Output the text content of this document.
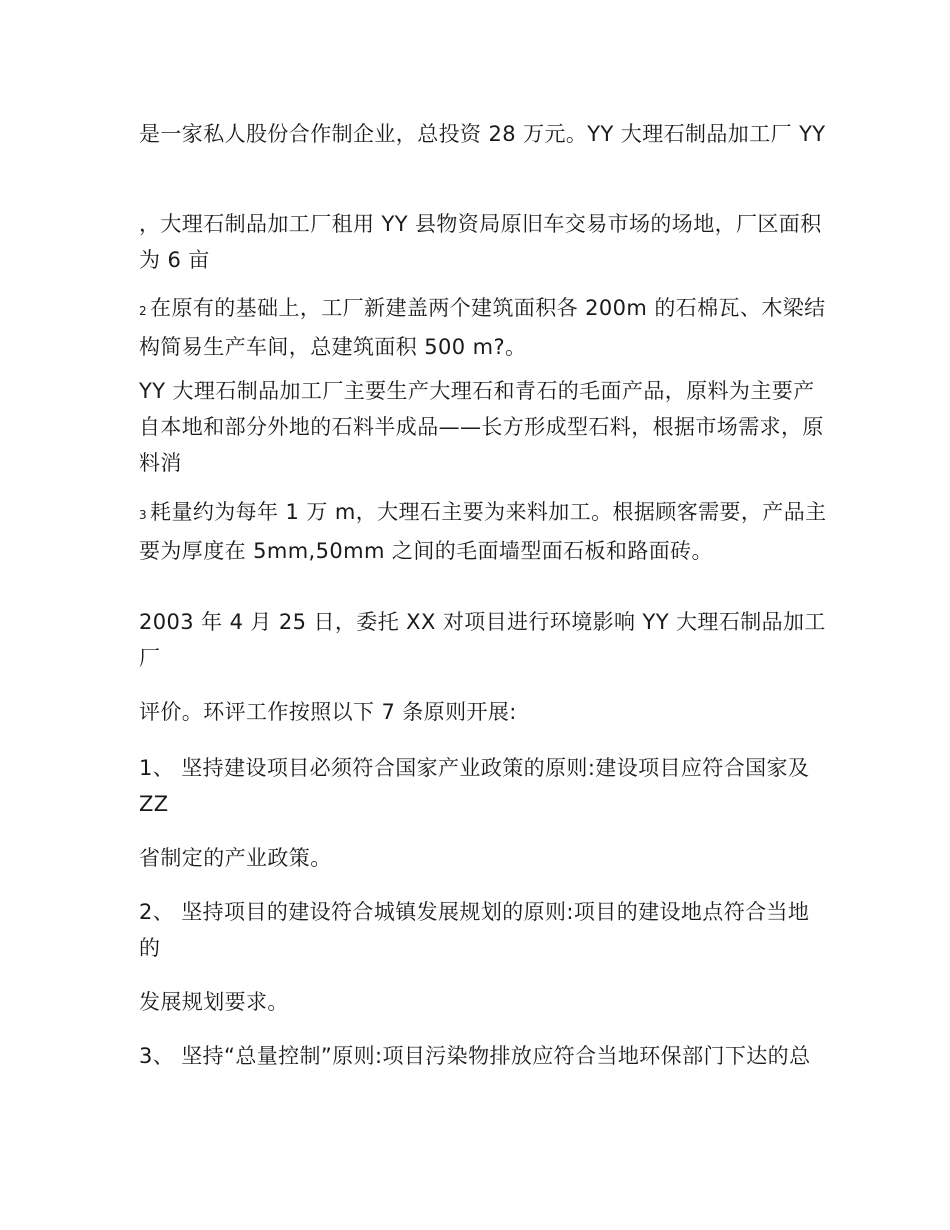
是一家私人股份合作制企业，总投资 28 万元。YY 大理石制品加工厂 YY

，大理石制品加工厂租用 YY 县物资局原旧车交易市场的场地，厂区面积为 6 亩

2 在原有的基础上，工厂新建盖两个建筑面积各 200m 的石棉瓦、木梁结构简易生产车间，总建筑面积 500 m?。

YY 大理石制品加工厂主要生产大理石和青石的毛面产品，原料为主要产自本地和部分外地的石料半成品——长方形成型石料，根据市场需求，原料消

3 耗量约为每年 1 万 m，大理石主要为来料加工。根据顾客需要，产品主要为厚度在 5mm,50mm 之间的毛面墙型面石板和路面砖。

2003 年 4 月 25 日，委托 XX 对项目进行环境影响 YY 大理石制品加工厂

评价。环评工作按照以下 7 条原则开展:

1、 坚持建设项目必须符合国家产业政策的原则:建设项目应符合国家及 ZZ

省制定的产业政策。

2、 坚持项目的建设符合城镇发展规划的原则:项目的建设地点符合当地的

发展规划要求。

3、 坚持“总量控制”原则:项目污染物排放应符合当地环保部门下达的总
